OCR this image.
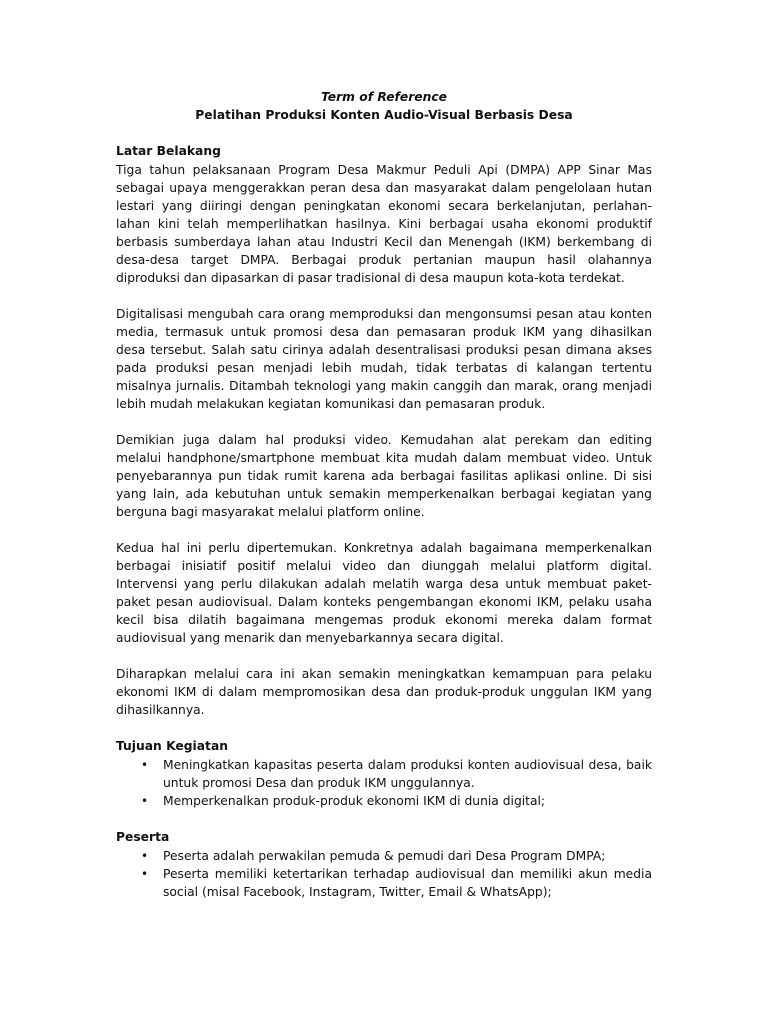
Term of Reference

Pelatihan Produksi Konten Audio-Visual Berbasis Desa

Latar Belakang

Tiga tahun pelaksanaan Program Desa Makmur Peduli Api (DMPA) APP Sinar Mas sebagai upaya menggerakkan peran desa dan masyarakat dalam pengelolaan hutan lestari yang diiringi dengan peningkatan ekonomi secara berkelanjutan, perlahan-lahan kini telah memperlihatkan hasilnya. Kini berbagai usaha ekonomi produktif berbasis sumberdaya lahan atau Industri Kecil dan Menengah (IKM) berkembang di desa-desa target DMPA. Berbagai produk pertanian maupun hasil olahannya diproduksi dan dipasarkan di pasar tradisional di desa maupun kota-kota terdekat.

Digitalisasi mengubah cara orang memproduksi dan mengonsumsi pesan atau konten media, termasuk untuk promosi desa dan pemasaran produk IKM yang dihasilkan desa tersebut. Salah satu cirinya adalah desentralisasi produksi pesan dimana akses pada produksi pesan menjadi lebih mudah, tidak terbatas di kalangan tertentu misalnya jurnalis. Ditambah teknologi yang makin canggih dan marak, orang menjadi lebih mudah melakukan kegiatan komunikasi dan pemasaran produk.

Demikian juga dalam hal produksi video. Kemudahan alat perekam dan editing melalui handphone/smartphone membuat kita mudah dalam membuat video. Untuk penyebarannya pun tidak rumit karena ada berbagai fasilitas aplikasi online. Di sisi yang lain, ada kebutuhan untuk semakin memperkenalkan berbagai kegiatan yang berguna bagi masyarakat melalui platform online.

Kedua hal ini perlu dipertemukan. Konkretnya adalah bagaimana memperkenalkan berbagai inisiatif positif melalui video dan diunggah melalui platform digital. Intervensi yang perlu dilakukan adalah melatih warga desa untuk membuat paket-paket pesan audiovisual. Dalam konteks pengembangan ekonomi IKM, pelaku usaha kecil bisa dilatih bagaimana mengemas produk ekonomi mereka dalam format audiovisual yang menarik dan menyebarkannya secara digital.

Diharapkan melalui cara ini akan semakin meningkatkan kemampuan para pelaku ekonomi IKM di dalam mempromosikan desa dan produk-produk unggulan IKM yang dihasilkannya.

Tujuan Kegiatan

• Meningkatkan kapasitas peserta dalam produksi konten audiovisual desa, baik untuk promosi Desa dan produk IKM unggulannya.
• Memperkenalkan produk-produk ekonomi IKM di dunia digital;

Peserta

• Peserta adalah perwakilan pemuda & pemudi dari Desa Program DMPA;
• Peserta memiliki ketertarikan terhadap audiovisual dan memiliki akun media social (misal Facebook, Instagram, Twitter, Email & WhatsApp);
